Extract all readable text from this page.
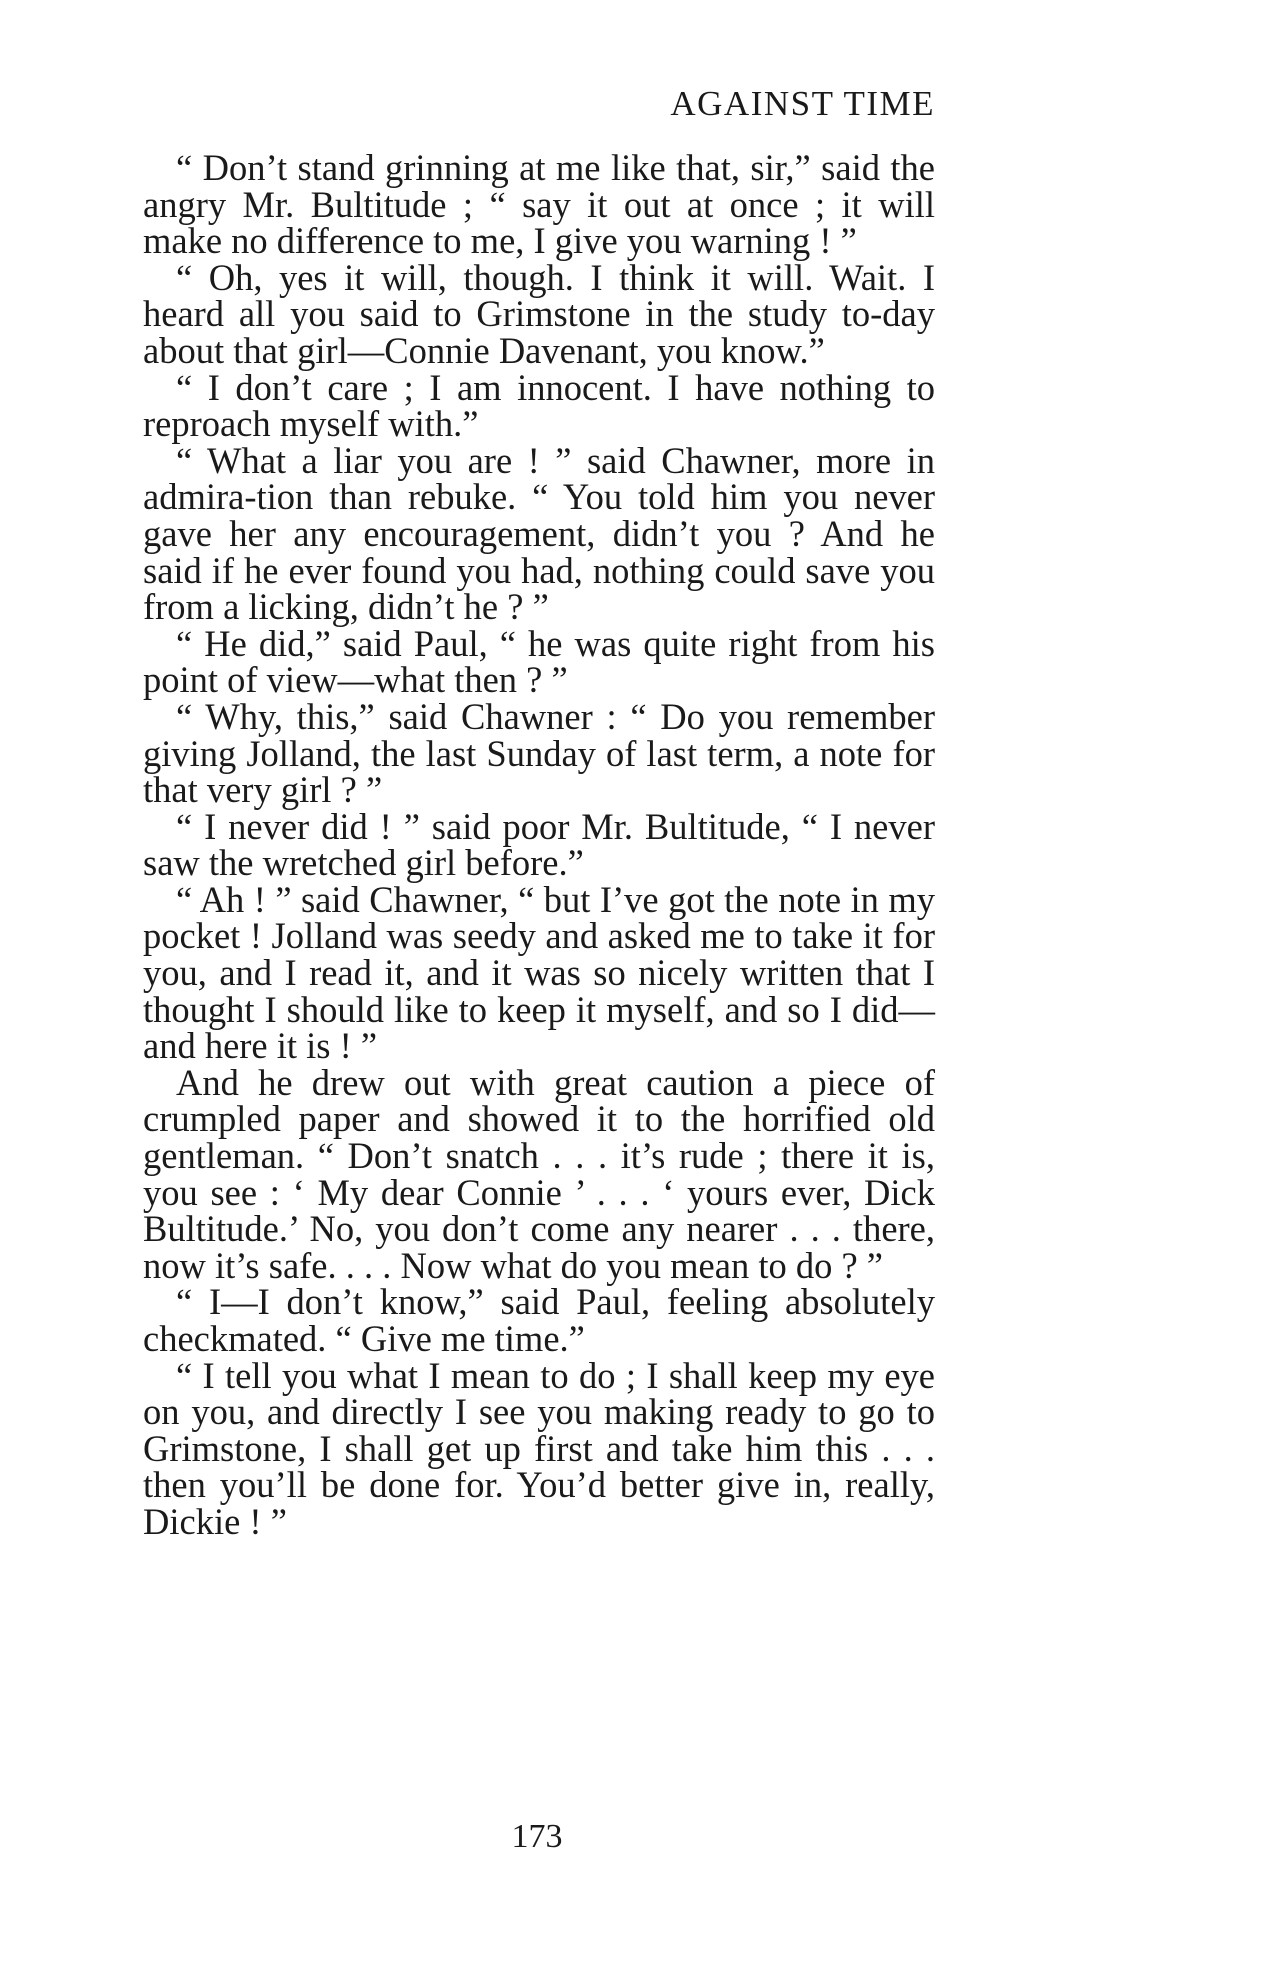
AGAINST TIME

“ Don’t stand grinning at me like that, sir,” said the angry Mr. Bultitude ; “ say it out at once ; it will make no difference to me, I give you warning ! ”

“ Oh, yes it will, though. I think it will. Wait. I heard all you said to Grimstone in the study to-day about that girl—Connie Davenant, you know.”

“ I don’t care ; I am innocent. I have nothing to reproach myself with.”

“ What a liar you are ! ” said Chawner, more in admira-tion than rebuke. “ You told him you never gave her any encouragement, didn’t you ? And he said if he ever found you had, nothing could save you from a licking, didn’t he ? ”

“ He did,” said Paul, “ he was quite right from his point of view—what then ? ”

“ Why, this,” said Chawner : “ Do you remember giving Jolland, the last Sunday of last term, a note for that very girl ? ”

“ I never did ! ” said poor Mr. Bultitude, “ I never saw the wretched girl before.”

“ Ah ! ” said Chawner, “ but I’ve got the note in my pocket ! Jolland was seedy and asked me to take it for you, and I read it, and it was so nicely written that I thought I should like to keep it myself, and so I did—and here it is ! ”

And he drew out with great caution a piece of crumpled paper and showed it to the horrified old gentleman. “ Don’t snatch . . . it’s rude ; there it is, you see : ‘ My dear Connie ’ . . . ‘ yours ever, Dick Bultitude.’ No, you don’t come any nearer . . . there, now it’s safe. . . . Now what do you mean to do ? ”

“ I—I don’t know,” said Paul, feeling absolutely checkmated. “ Give me time.”

“ I tell you what I mean to do ; I shall keep my eye on you, and directly I see you making ready to go to Grimstone, I shall get up first and take him this . . . then you’ll be done for. You’d better give in, really, Dickie ! ”

173
